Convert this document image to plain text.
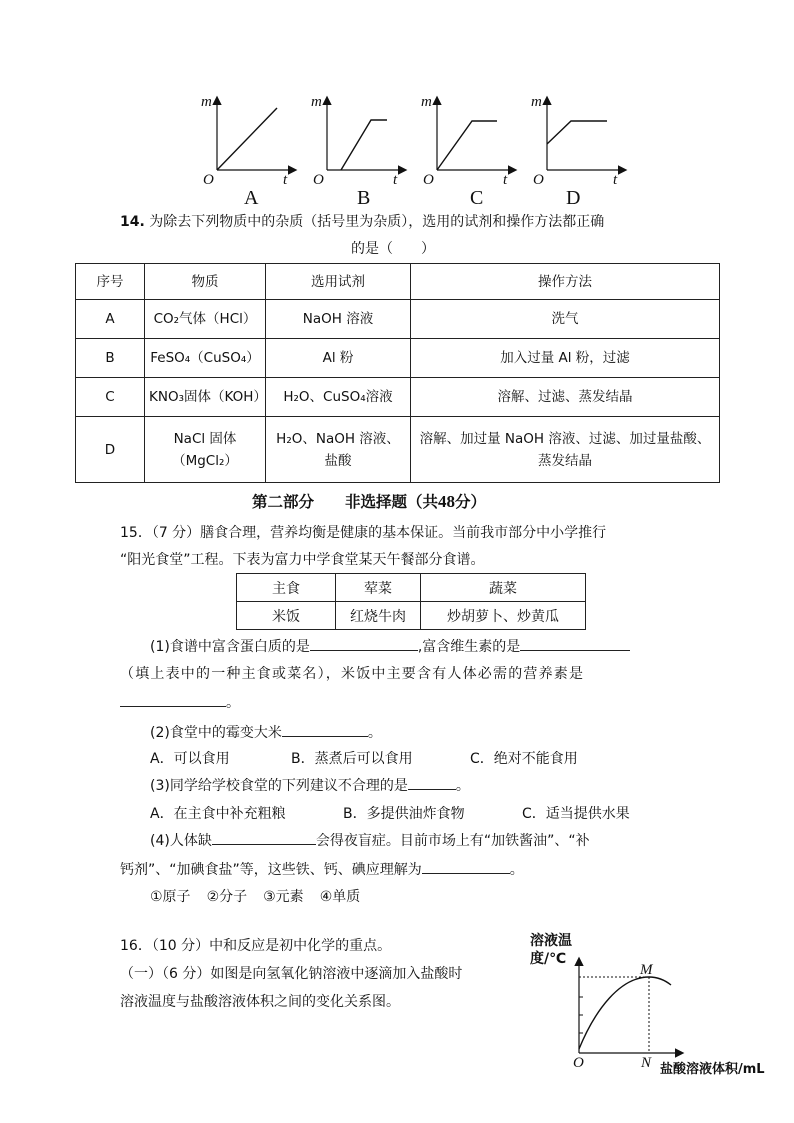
m	m	m	m
O	O	O	O
t	t	t	t
A	B	C	D
14. 为除去下列物质中的杂质（括号里为杂质），选用的试剂和操作方法都正确
的是（　　）
序号	物质	选用试剂	操作方法
A	CO₂气体（HCl）	NaOH 溶液	洗气
B	FeSO₄（CuSO₄）	Al 粉	加入过量 Al 粉，过滤
C	KNO₃固体（KOH）	H₂O、CuSO₄溶液	溶解、过滤、蒸发结晶
D	NaCl 固体（MgCl₂）	H₂O、NaOH 溶液、盐酸	溶解、加过量 NaOH 溶液、过滤、加过量盐酸、蒸发结晶
第二部分　　非选择题（共48分）
15．（7 分）膳食合理，营养均衡是健康的基本保证。当前我市部分中小学推行
“阳光食堂”工程。下表为富力中学食堂某天午餐部分食谱。
主食	荤菜	蔬菜
米饭	红烧牛肉	炒胡萝卜、炒黄瓜
(1)食谱中富含蛋白质的是	,富含维生素的是
（填上表中的一种主食或菜名），米饭中主要含有人体必需的营养素是
。
(2)食堂中的霉变大米	。
A．可以食用	B．蒸煮后可以食用	C．绝对不能食用
(3)同学给学校食堂的下列建议不合理的是	。
A．在主食中补充粗粮	B．多提供油炸食物	C．适当提供水果
(4)人体缺	会得夜盲症。目前市场上有“加铁酱油”、“补
钙剂”、“加碘食盐”等，这些铁、钙、碘应理解为	。
①原子 ②分子 ③元素 ④单质
16．（10 分）中和反应是初中化学的重点。
（一）（6 分）如图是向氢氧化钠溶液中逐滴加入盐酸时
溶液温度与盐酸溶液体积之间的变化关系图。
溶液温
度/℃
M
O	N 盐酸溶液体积/mL
